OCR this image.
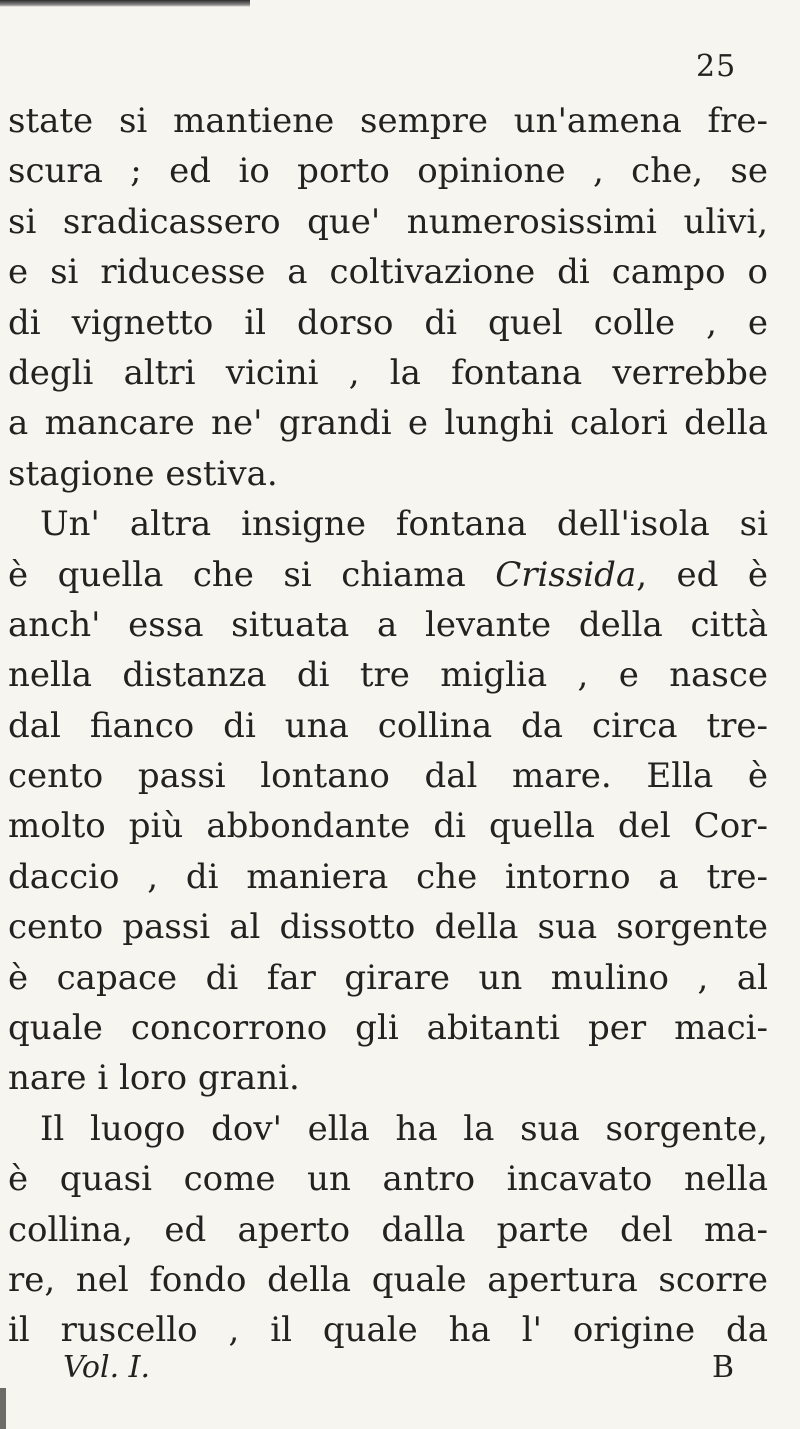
25
state si mantiene sempre un'amena fre-
scura ; ed io porto opinione , che, se
si sradicassero que' numerosissimi ulivi,
e si riducesse a coltivazione di campo o
di vignetto il dorso di quel colle , e
degli altri vicini , la fontana verrebbe
a mancare ne' grandi e lunghi calori della
stagione estiva.
Un' altra insigne fontana dell'isola si
è quella che si chiama Crissida, ed è
anch' essa situata a levante della città
nella distanza di tre miglia , e nasce
dal fianco di una collina da circa tre-
cento passi lontano dal mare. Ella è
molto più abbondante di quella del Cor-
daccio , di maniera che intorno a tre-
cento passi al dissotto della sua sorgente
è capace di far girare un mulino , al
quale concorrono gli abitanti per maci-
nare i loro grani.
Il luogo dov' ella ha la sua sorgente,
è quasi come un antro incavato nella
collina, ed aperto dalla parte del ma-
re, nel fondo della quale apertura scorre
il ruscello , il quale ha l' origine da
Vol. I.	B
